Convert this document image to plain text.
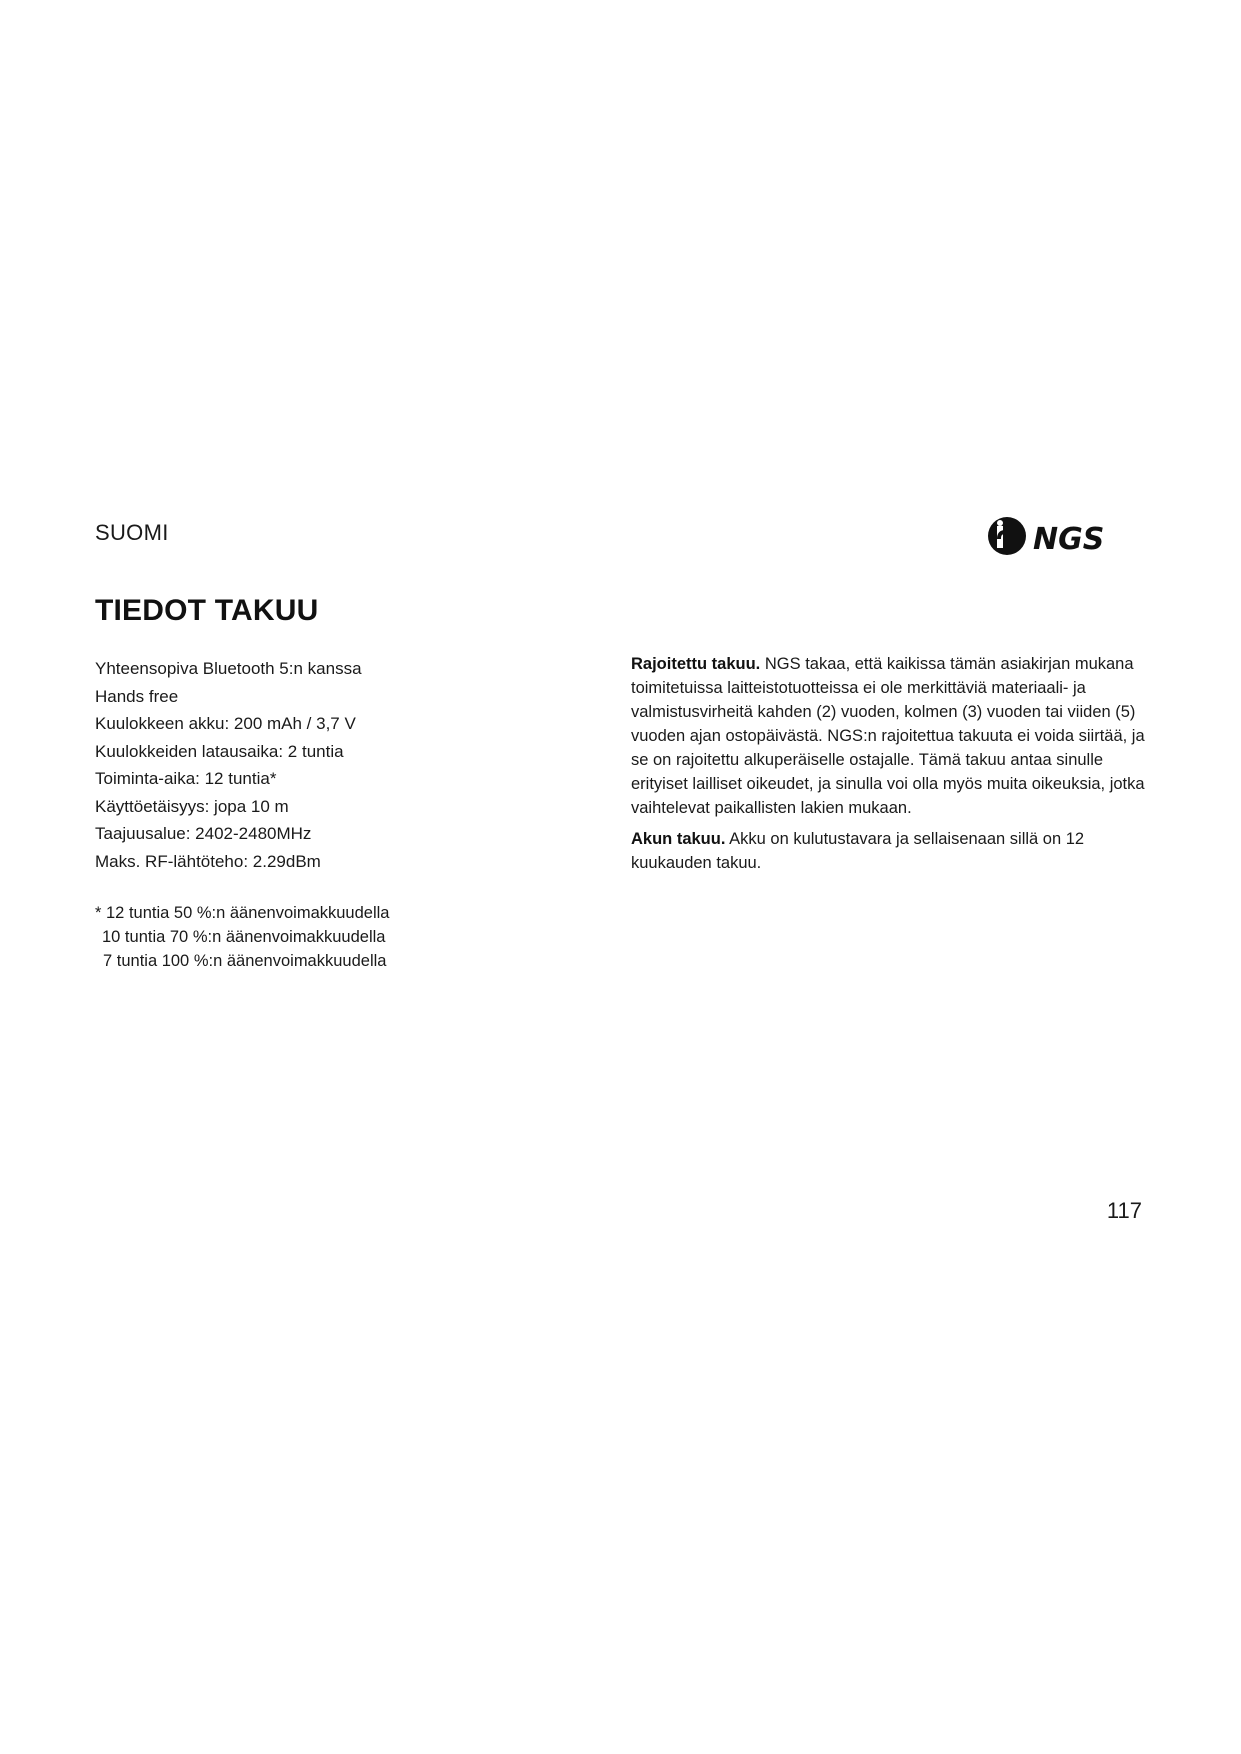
SUOMI	NGS
TIEDOT TAKUU
Yhteensopiva Bluetooth 5:n kanssa
Hands free
Kuulokkeen akku: 200 mAh / 3,7 V
Kuulokkeiden latausaika: 2 tuntia
Toiminta-aika: 12 tuntia*
Käyttöetäisyys: jopa 10 m
Taajuusalue: 2402-2480MHz
Maks. RF-lähtöteho: 2.29dBm
* 12 tuntia 50 %:n äänenvoimakkuudella
10 tuntia 70 %:n äänenvoimakkuudella
7 tuntia 100 %:n äänenvoimakkuudella

Rajoitettu takuu. NGS takaa, että kaikissa tämän asiakirjan mukana toimitetuissa laitteistotuotteissa ei ole merkittäviä materiaali- ja valmistusvirheitä kahden (2) vuoden, kolmen (3) vuoden tai viiden (5) vuoden ajan ostopäivästä. NGS:n rajoitettua takuuta ei voida siirtää, ja se on rajoitettu alkuperäiselle ostajalle. Tämä takuu antaa sinulle erityiset lailliset oikeudet, ja sinulla voi olla myös muita oikeuksia, jotka vaihtelevat paikallisten lakien mukaan.

Akun takuu. Akku on kulutustavara ja sellaisenaan sillä on 12 kuukauden takuu.

117
